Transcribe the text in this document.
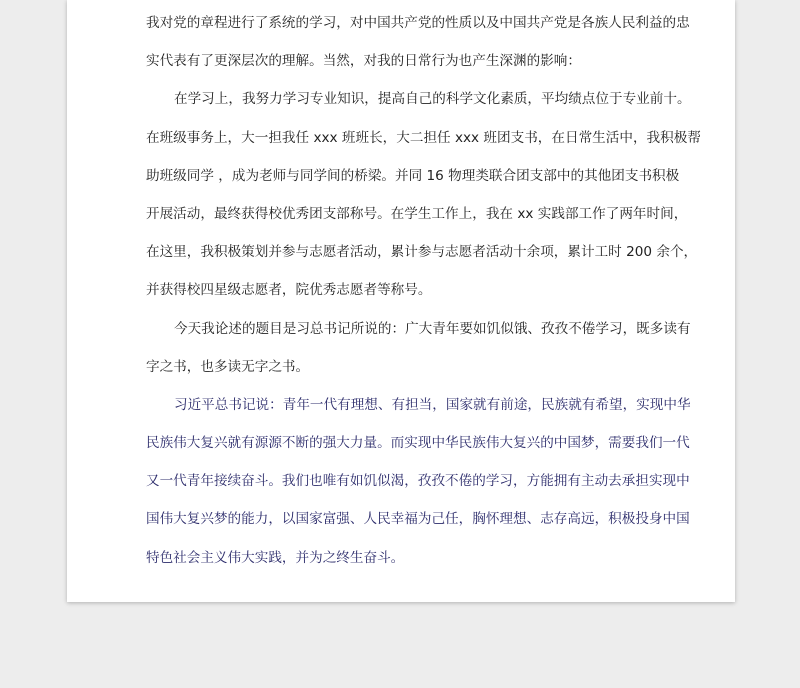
我对党的章程进行了系统的学习，对中国共产党的性质以及中国共产党是各族人民利益的忠
实代表有了更深层次的理解。当然，对我的日常行为也产生深渊的影响：
在学习上，我努力学习专业知识，提高自己的科学文化素质，平均绩点位于专业前十。
在班级事务上，大一担我任 xxx 班班长，大二担任 xxx 班团支书，在日常生活中，我积极帮
助班级同学 ，成为老师与同学间的桥梁。并同 16 物理类联合团支部中的其他团支书积极
开展活动，最终获得校优秀团支部称号。在学生工作上，我在 xx 实践部工作了两年时间，
在这里，我积极策划并参与志愿者活动，累计参与志愿者活动十余项，累计工时 200 余个，
并获得校四星级志愿者，院优秀志愿者等称号。
今天我论述的题目是习总书记所说的：广大青年要如饥似饿、孜孜不倦学习，既多读有
字之书，也多读无字之书。
习近平总书记说：青年一代有理想、有担当，国家就有前途，民族就有希望，实现中华
民族伟大复兴就有源源不断的强大力量。而实现中华民族伟大复兴的中国梦，需要我们一代
又一代青年接续奋斗。我们也唯有如饥似渴，孜孜不倦的学习，方能拥有主动去承担实现中
国伟大复兴梦的能力，以国家富强、人民幸福为己任，胸怀理想、志存高远，积极投身中国
特色社会主义伟大实践，并为之终生奋斗。
